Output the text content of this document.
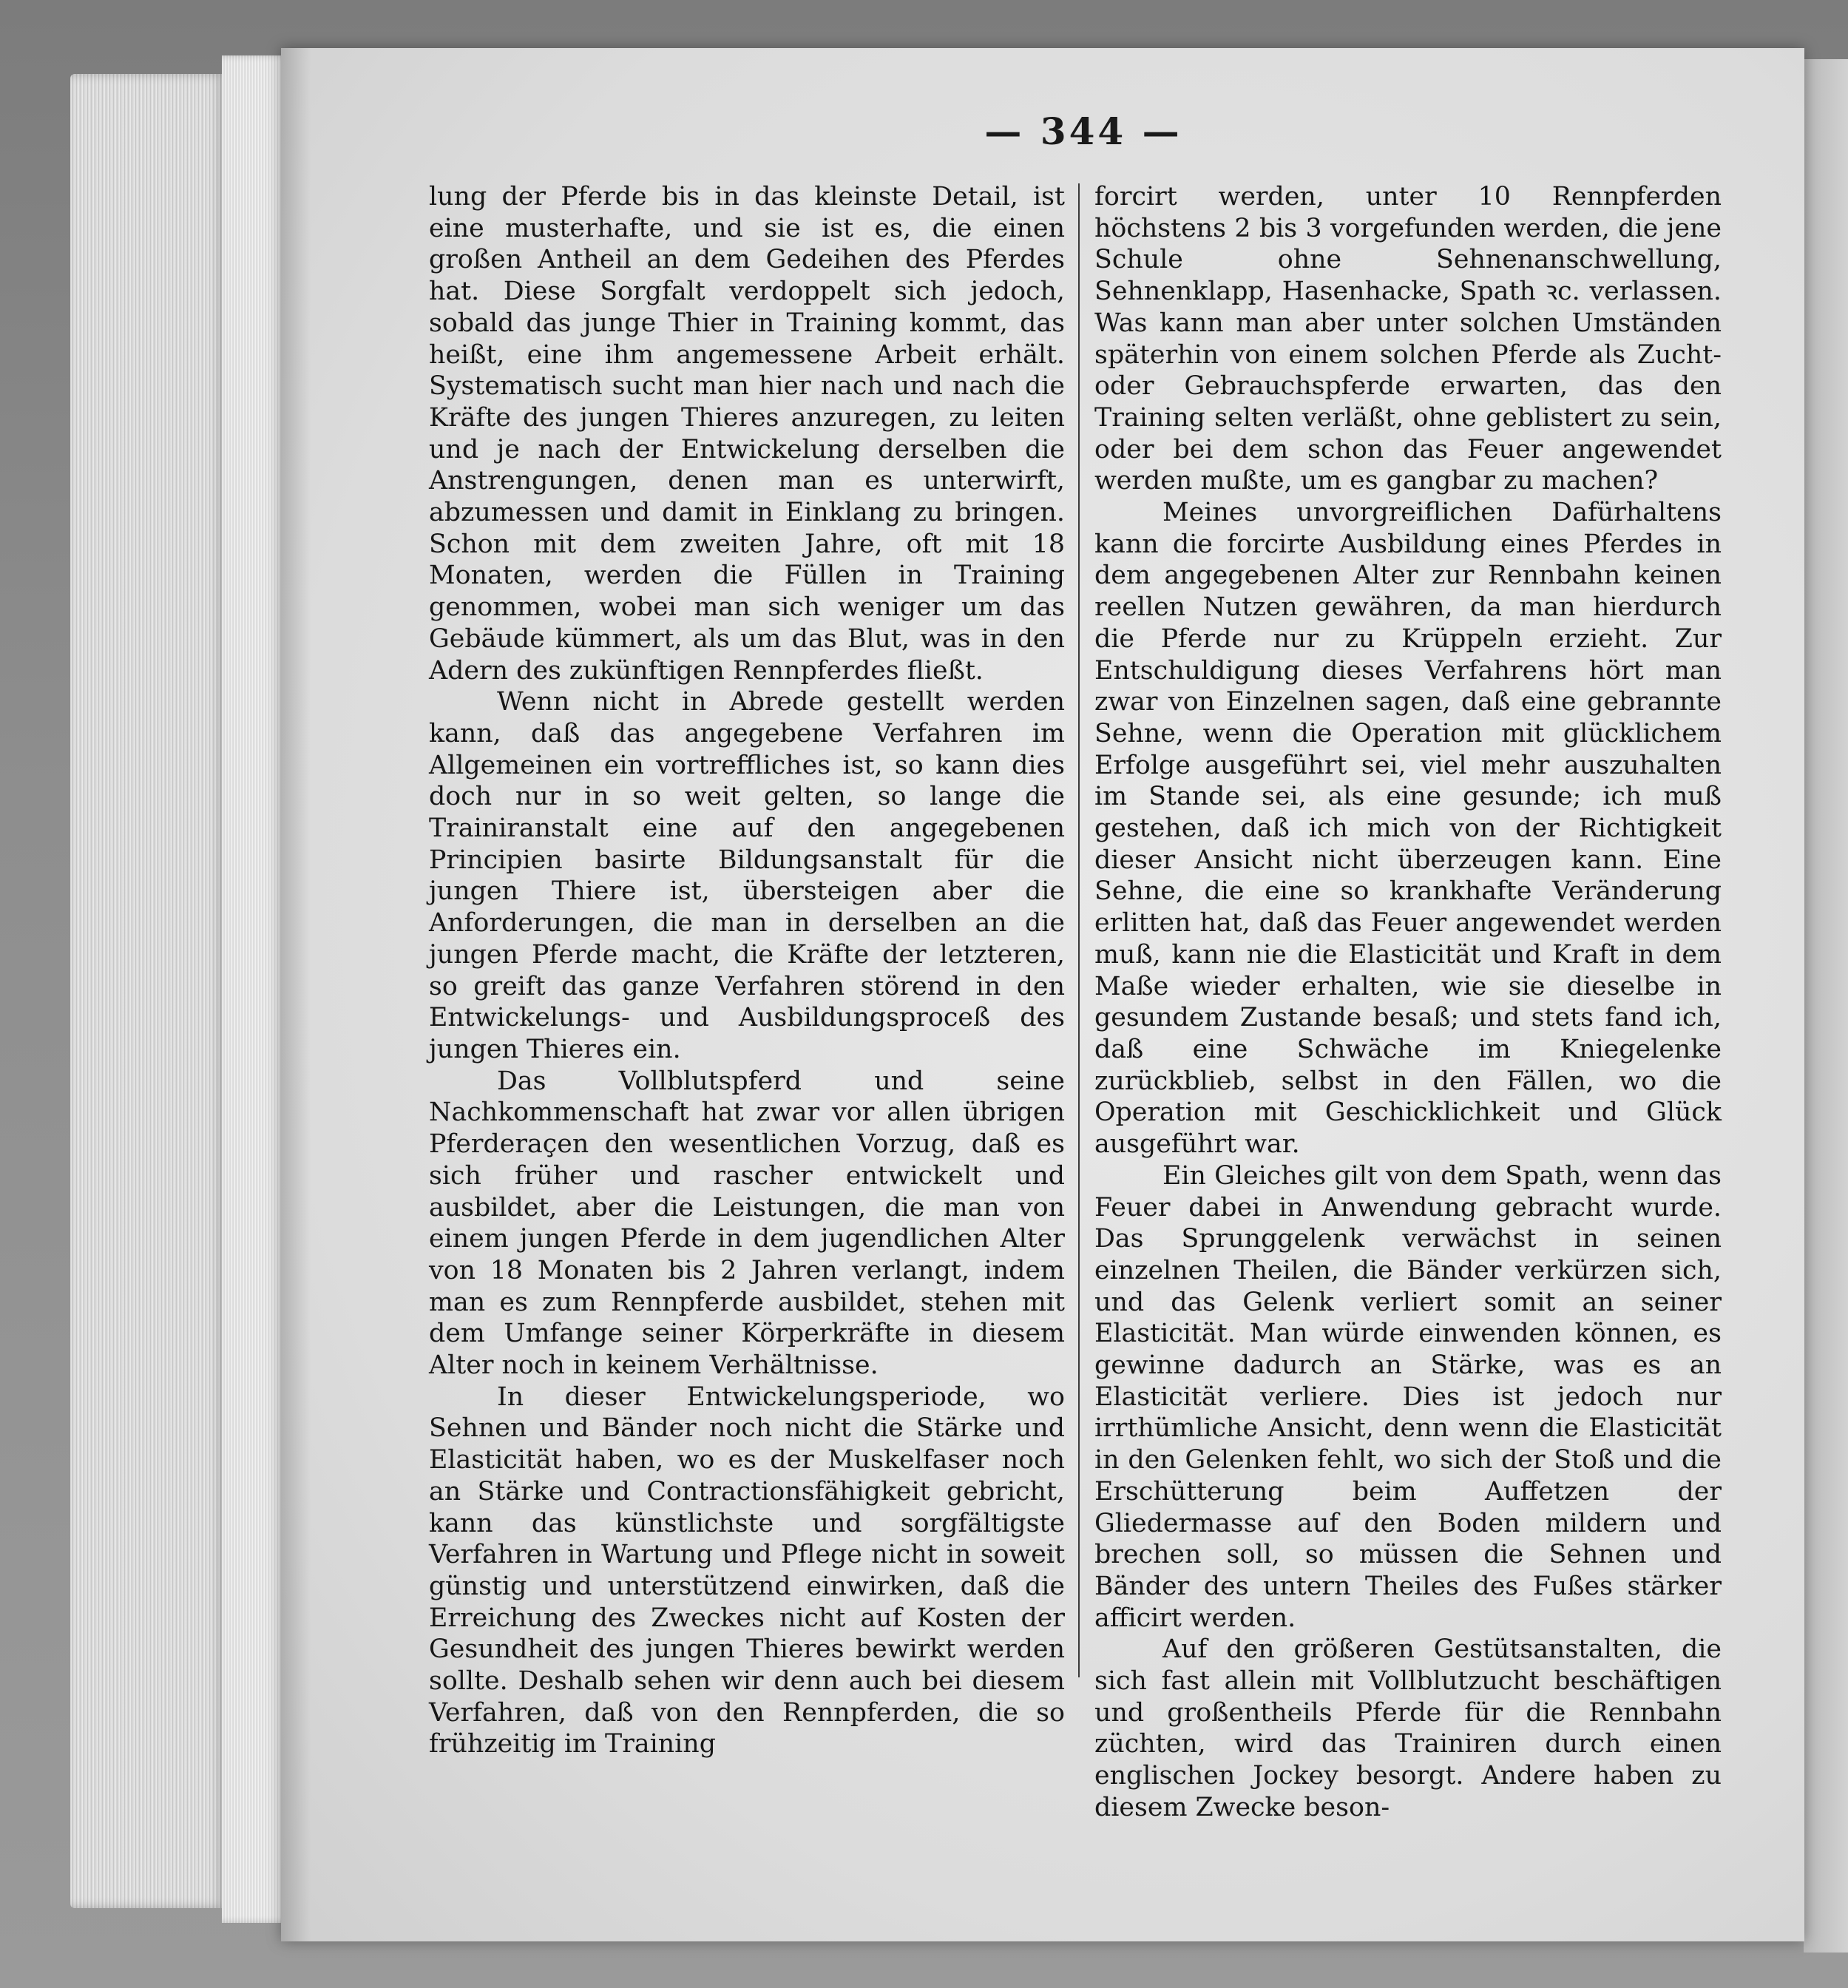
— 344 —

lung der Pferde bis in das kleinste Detail, ist eine musterhafte, und sie ist es, die einen großen Antheil an dem Gedeihen des Pferdes hat. Diese Sorgfalt verdoppelt sich jedoch, sobald das junge Thier in Training kommt, das heißt, eine ihm angemessene Arbeit erhält. Systematisch sucht man hier nach und nach die Kräfte des jungen Thieres anzuregen, zu leiten und je nach der Entwickelung derselben die Anstrengungen, denen man es unterwirft, abzumessen und damit in Einklang zu bringen. Schon mit dem zweiten Jahre, oft mit 18 Monaten, werden die Füllen in Training genommen, wobei man sich weniger um das Gebäude kümmert, als um das Blut, was in den Adern des zukünftigen Rennpferdes fließt.

Wenn nicht in Abrede gestellt werden kann, daß das angegebene Verfahren im Allgemeinen ein vortreffliches ist, so kann dies doch nur in so weit gelten, so lange die Trainiranstalt eine auf den angegebenen Principien basirte Bildungsanstalt für die jungen Thiere ist, übersteigen aber die Anforderungen, die man in derselben an die jungen Pferde macht, die Kräfte der letzteren, so greift das ganze Verfahren störend in den Entwickelungs- und Ausbildungsproceß des jungen Thieres ein.

Das Vollblutspferd und seine Nachkommenschaft hat zwar vor allen übrigen Pferderaçen den wesentlichen Vorzug, daß es sich früher und rascher entwickelt und ausbildet, aber die Leistungen, die man von einem jungen Pferde in dem jugendlichen Alter von 18 Monaten bis 2 Jahren verlangt, indem man es zum Rennpferde ausbildet, stehen mit dem Umfange seiner Körperkräfte in diesem Alter noch in keinem Verhältnisse.

In dieser Entwickelungsperiode, wo Sehnen und Bänder noch nicht die Stärke und Elasticität haben, wo es der Muskelfaser noch an Stärke und Contractionsfähigkeit gebricht, kann das künstlichste und sorgfältigste Verfahren in Wartung und Pflege nicht in soweit günstig und unterstützend einwirken, daß die Erreichung des Zweckes nicht auf Kosten der Gesundheit des jungen Thieres bewirkt werden sollte. Deshalb sehen wir denn auch bei diesem Verfahren, daß von den Rennpferden, die so frühzeitig im Training

forcirt werden, unter 10 Rennpferden höchstens 2 bis 3 vorgefunden werden, die jene Schule ohne Sehnenanschwellung, Sehnenklapp, Hasenhacke, Spath ꝛc. verlassen. Was kann man aber unter solchen Umständen späterhin von einem solchen Pferde als Zucht- oder Gebrauchspferde erwarten, das den Training selten verläßt, ohne geblistert zu sein, oder bei dem schon das Feuer angewendet werden mußte, um es gangbar zu machen?

Meines unvorgreiflichen Dafürhaltens kann die forcirte Ausbildung eines Pferdes in dem angegebenen Alter zur Rennbahn keinen reellen Nutzen gewähren, da man hierdurch die Pferde nur zu Krüppeln erzieht. Zur Entschuldigung dieses Verfahrens hört man zwar von Einzelnen sagen, daß eine gebrannte Sehne, wenn die Operation mit glücklichem Erfolge ausgeführt sei, viel mehr auszuhalten im Stande sei, als eine gesunde; ich muß gestehen, daß ich mich von der Richtigkeit dieser Ansicht nicht überzeugen kann. Eine Sehne, die eine so krankhafte Veränderung erlitten hat, daß das Feuer angewendet werden muß, kann nie die Elasticität und Kraft in dem Maße wieder erhalten, wie sie dieselbe in gesundem Zustande besaß; und stets fand ich, daß eine Schwäche im Kniegelenke zurückblieb, selbst in den Fällen, wo die Operation mit Geschicklichkeit und Glück ausgeführt war.

Ein Gleiches gilt von dem Spath, wenn das Feuer dabei in Anwendung gebracht wurde. Das Sprunggelenk verwächst in seinen einzelnen Theilen, die Bänder verkürzen sich, und das Gelenk verliert somit an seiner Elasticität. Man würde einwenden können, es gewinne dadurch an Stärke, was es an Elasticität verliere. Dies ist jedoch nur irrthümliche Ansicht, denn wenn die Elasticität in den Gelenken fehlt, wo sich der Stoß und die Erschütterung beim Auffetzen der Gliedermasse auf den Boden mildern und brechen soll, so müssen die Sehnen und Bänder des untern Theiles des Fußes stärker afficirt werden.

Auf den größeren Gestütsanstalten, die sich fast allein mit Vollblutzucht beschäftigen und großentheils Pferde für die Rennbahn züchten, wird das Trainiren durch einen englischen Jockey besorgt. Andere haben zu diesem Zwecke beson-
